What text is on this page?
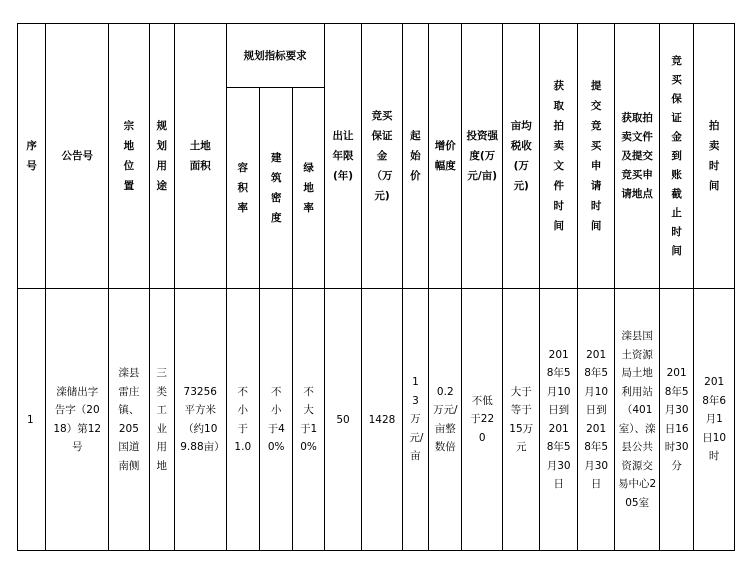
序号	公告号	宗地位置	规划用途	土地面积	规划指标要求			出让年限(年)	竞买保证金（万元)	起始价	增价幅度	投资强度(万元/亩)	亩均税收(万元)	获取拍卖文件时间	提交竞买申请时间	获取拍卖文件及提交竞买申请地点	竞买保证金到账截止时间	拍卖时间

					容积率	建筑密度	绿地率											

1	滦储出字告字（2018）第12号	滦县雷庄镇、205国道南侧	三类工业用地	73256平方米（约109.88亩）	不小于1.0	不小于40%	不大于10%	50	1428	13万元/亩	0.2万元/亩整数倍	不低于220	大于等于15万元	2018年5月10日到2018年5月30日	2018年5月10日到2018年5月30日	滦县国土资源局土地利用站（401室）、滦县公共资源交易中心205室	2018年5月30日16时30分	2018年6月1日10时
